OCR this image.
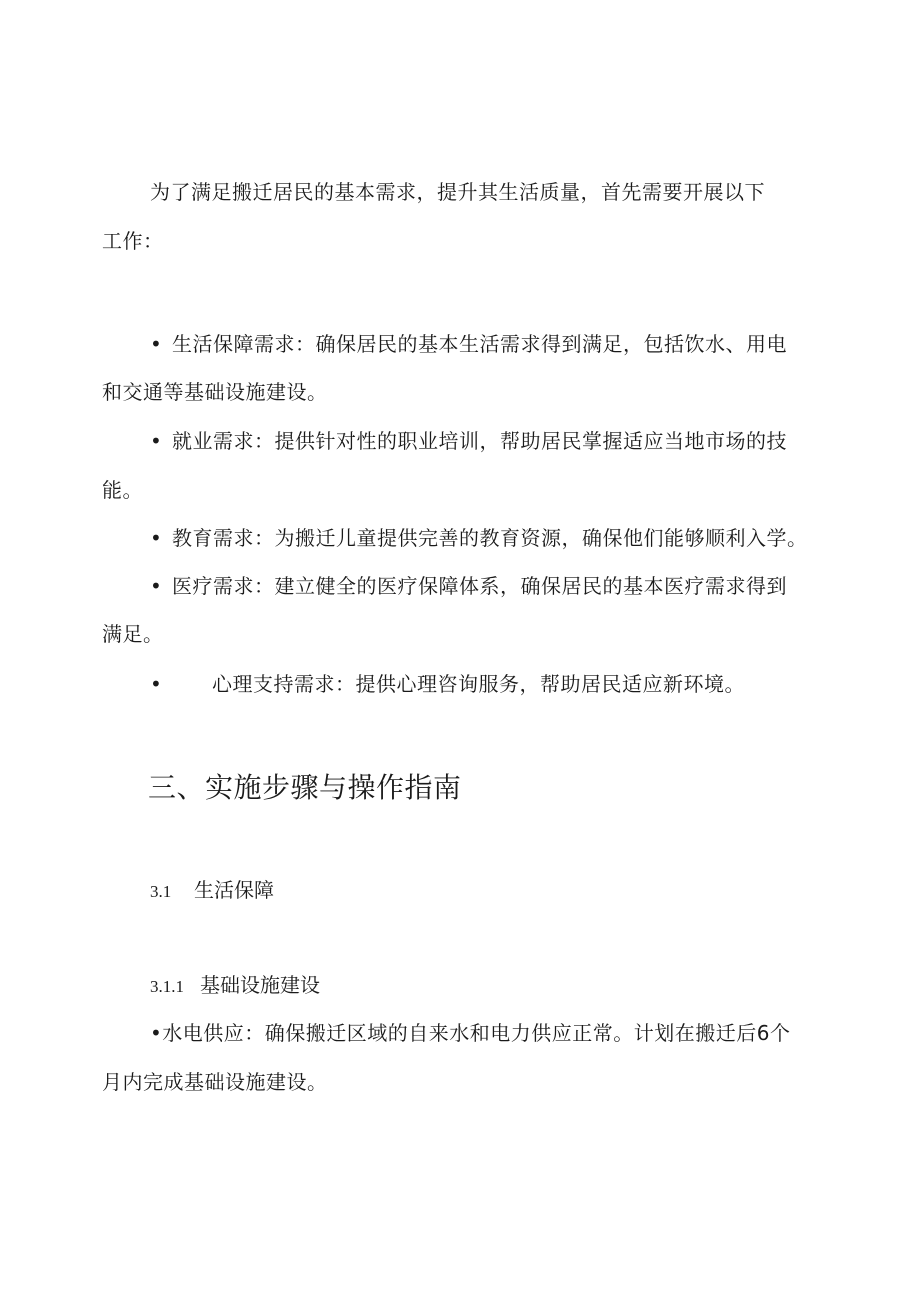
为了满足搬迁居民的基本需求，提升其生活质量，首先需要开展以下
工作：
• 生活保障需求：确保居民的基本生活需求得到满足，包括饮水、用电
和交通等基础设施建设。
• 就业需求：提供针对性的职业培训，帮助居民掌握适应当地市场的技
能。
• 教育需求：为搬迁儿童提供完善的教育资源，确保他们能够顺利入学。
• 医疗需求：建立健全的医疗保障体系，确保居民的基本医疗需求得到
满足。
• 心理支持需求：提供心理咨询服务，帮助居民适应新环境。
三、实施步骤与操作指南
3.1 生活保障
3.1.1 基础设施建设
•水电供应：确保搬迁区域的自来水和电力供应正常。计划在搬迁后6个
月内完成基础设施建设。
